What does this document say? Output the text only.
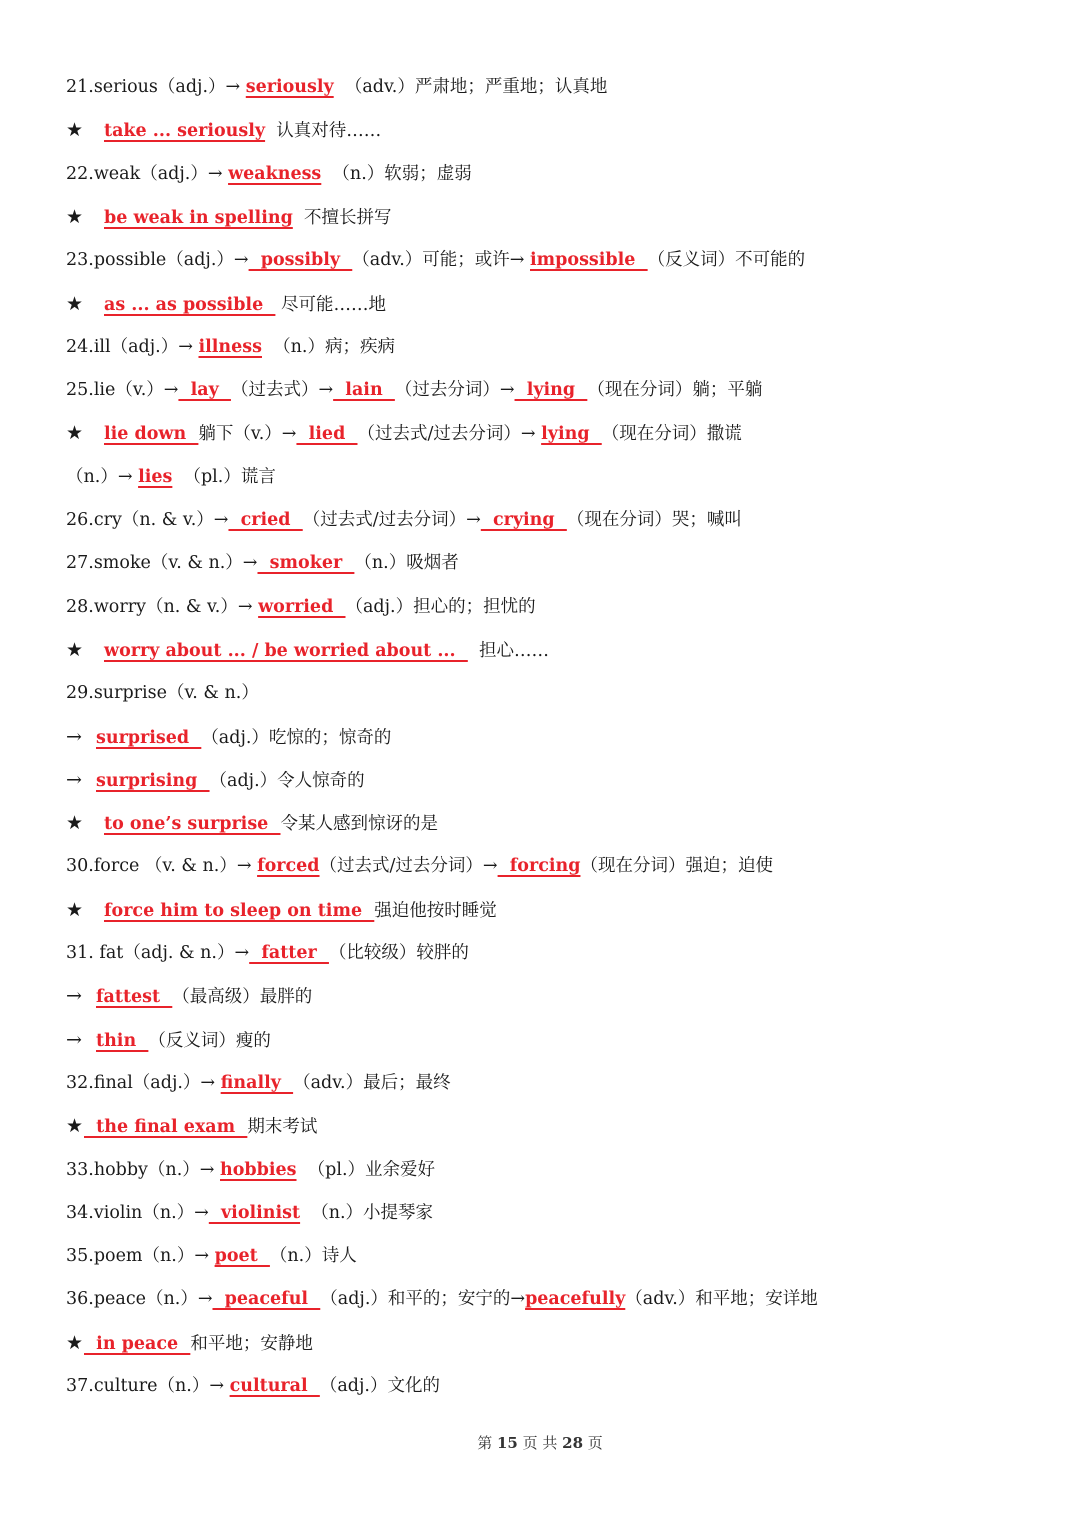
21.serious（adj.）→ seriously  （adv.）严肃地；严重地；认真地
★ take ... seriously  认真对待……
22.weak（adj.）→ weakness  （n.）软弱；虚弱
★ be weak in spelling  不擅长拼写
23.possible（adj.）→  possibly  （adv.）可能；或许→ impossible  （反义词）不可能的
★ as ... as possible   尽可能……地
24.ill（adj.）→ illness  （n.）病；疾病
25.lie（v.）→  lay  （过去式）→  lain  （过去分词）→  lying  （现在分词）躺；平躺
★ lie down  躺下（v.）→  lied  （过去式/过去分词）→ lying  （现在分词）撒谎
（n.）→ lies  （pl.）谎言
26.cry（n. & v.）→  cried  （过去式/过去分词）→  crying  （现在分词）哭；喊叫
27.smoke（v. & n.）→  smoker  （n.）吸烟者
28.worry（n. & v.）→ worried  （adj.）担心的；担忧的
★ worry about ... / be worried about ...    担心……
29.surprise（v. & n.）
→ surprised  （adj.）吃惊的；惊奇的
→ surprising  （adj.）令人惊奇的
★ to one’s surprise  令某人感到惊讶的是
30.force （v. & n.）→ forced（过去式/过去分词）→  forcing（现在分词）强迫；迫使
★ force him to sleep on time  强迫他按时睡觉
31. fat（adj. & n.）→  fatter  （比较级）较胖的
→ fattest  （最高级）最胖的
→ thin  （反义词）瘦的
32.final（adj.）→ finally  （adv.）最后；最终
★  the final exam  期末考试
33.hobby（n.）→ hobbies  （pl.）业余爱好
34.violin（n.）→  violinist  （n.）小提琴家
35.poem（n.）→ poet  （n.）诗人
36.peace（n.）→  peaceful  （adj.）和平的；安宁的→peacefully（adv.）和平地；安详地
★  in peace  和平地；安静地
37.culture（n.）→ cultural  （adj.）文化的
第 15 页 共 28 页
